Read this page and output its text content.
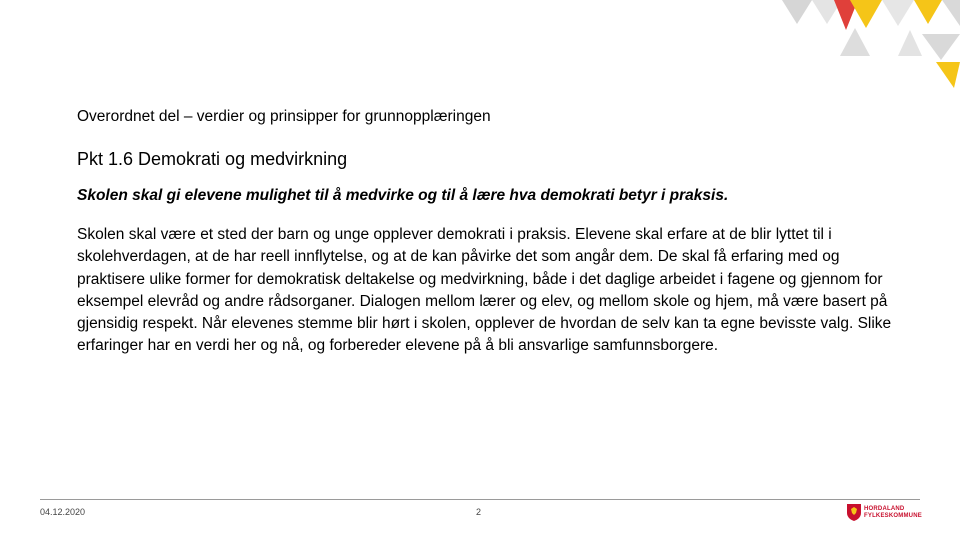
Overordnet del – verdier og prinsipper for grunnopplæringen

Pkt 1.6 Demokrati og medvirkning

Skolen skal gi elevene mulighet til å medvirke og til å lære hva demokrati betyr i praksis.

Skolen skal være et sted der barn og unge opplever demokrati i praksis. Elevene skal erfare at de blir lyttet til i skolehverdagen, at de har reell innflytelse, og at de kan påvirke det som angår dem. De skal få erfaring med og praktisere ulike former for demokratisk deltakelse og medvirkning, både i det daglige arbeidet i fagene og gjennom for eksempel elevråd og andre rådsorganer. Dialogen mellom lærer og elev, og mellom skole og hjem, må være basert på gjensidig respekt. Når elevenes stemme blir hørt i skolen, opplever de hvordan de selv kan ta egne bevisste valg. Slike erfaringer har en verdi her og nå, og forbereder elevene på å bli ansvarlige samfunnsborgere.

04.12.2020	2	HORDALAND
FYLKESKOMMUNE
